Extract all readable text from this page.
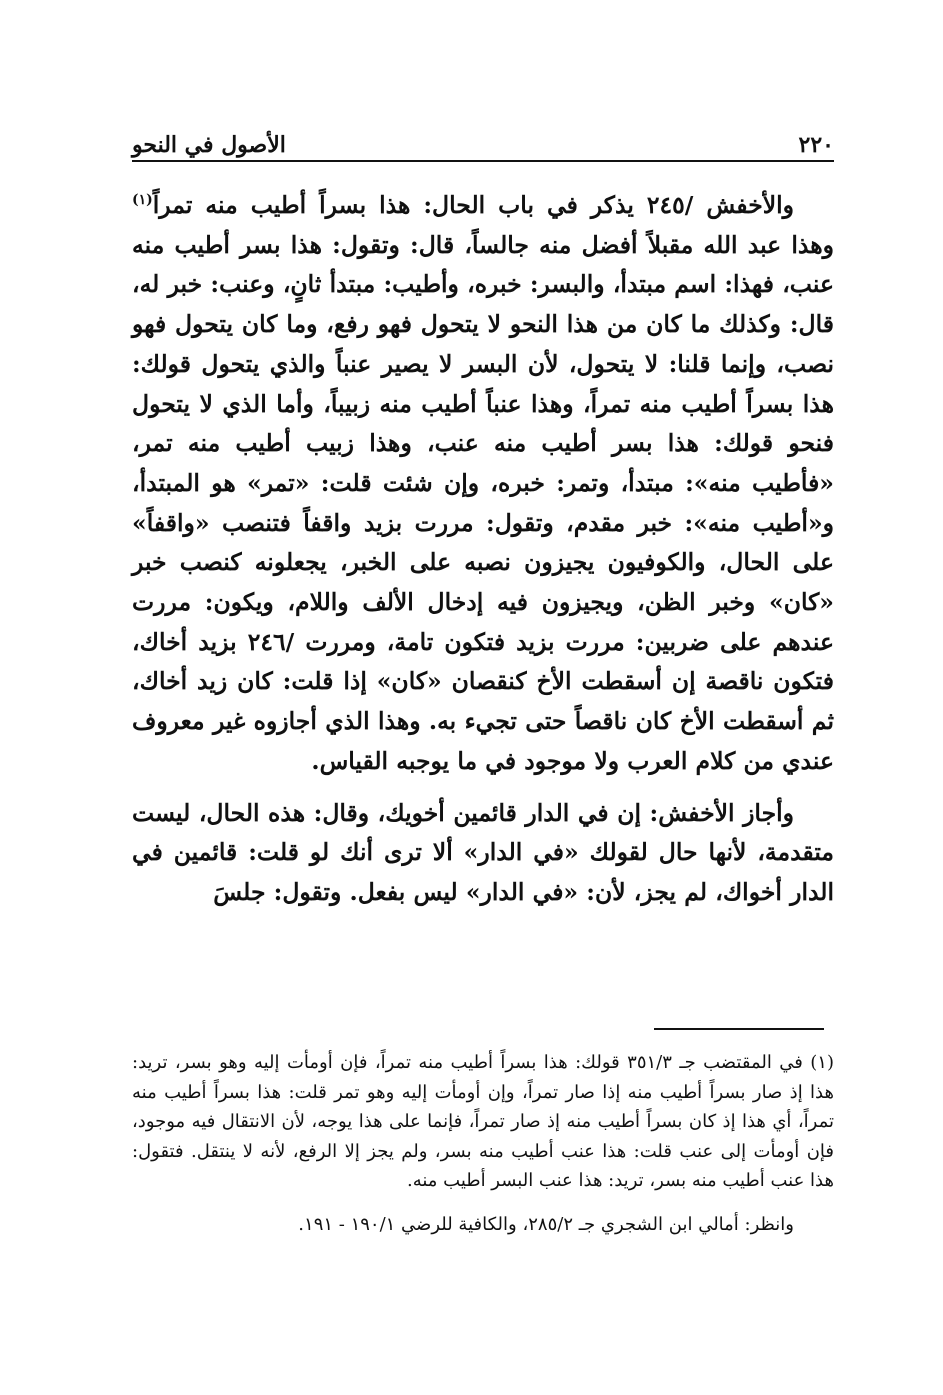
٢٢٠
الأصول في النحو

والأخفش /٢٤٥ يذكر في باب الحال: هذا بسراً أطيب منه تمراً$^{(١)}$ وهذا عبد الله مقبلاً أفضل منه جالساً، قال: وتقول: هذا بسر أطيب منه عنب، فهذا: اسم مبتدأ، والبسر: خبره، وأطيب: مبتدأ ثانٍ، وعنب: خبر له، قال: وكذلك ما كان من هذا النحو لا يتحول فهو رفع، وما كان يتحول فهو نصب، وإنما قلنا: لا يتحول، لأن البسر لا يصير عنباً والذي يتحول قولك: هذا بسراً أطيب منه تمراً، وهذا عنباً أطيب منه زبيباً، وأما الذي لا يتحول فنحو قولك: هذا بسر أطيب منه عنب، وهذا زبيب أطيب منه تمر، «فأطيب منه»: مبتدأ، وتمر: خبره، وإن شئت قلت: «تمر» هو المبتدأ، و«أطيب منه»: خبر مقدم، وتقول: مررت بزيد واقفاً فتنصب «واقفاً» على الحال، والكوفيون يجيزون نصبه على الخبر، يجعلونه كنصب خبر «كان» وخبر الظن، ويجيزون فيه إدخال الألف واللام، ويكون: مررت عندهم على ضربين: مررت بزيد فتكون تامة، ومررت /٢٤٦ بزيد أخاك، فتكون ناقصة إن أسقطت الأخ كنقصان «كان» إذا قلت: كان زيد أخاك، ثم أسقطت الأخ كان ناقصاً حتى تجيء به. وهذا الذي أجازوه غير معروف عندي من كلام العرب ولا موجود في ما يوجبه القياس.

وأجاز الأخفش: إن في الدار قائمين أخويك، وقال: هذه الحال، ليست متقدمة، لأنها حال لقولك «في الدار» ألا ترى أنك لو قلت: قائمين في الدار أخواك، لم يجز، لأن: «في الدار» ليس بفعل. وتقول: جلسَ

(١) في المقتضب جـ ٣٥١/٣ قولك: هذا بسراً أطيب منه تمراً، فإن أومأت إليه وهو بسر، تريد: هذا إذ صار بسراً أطيب منه إذا صار تمراً، وإن أومأت إليه وهو تمر قلت: هذا بسراً أطيب منه تمراً، أي هذا إذ كان بسراً أطيب منه إذ صار تمراً، فإنما على هذا يوجه، لأن الانتقال فيه موجود، فإن أومأت إلى عنب قلت: هذا عنب أطيب منه بسر، ولم يجز إلا الرفع، لأنه لا ينتقل. فتقول: هذا عنب أطيب منه بسر، تريد: هذا عنب البسر أطيب منه.

وانظر: أمالي ابن الشجري جـ ٢٨٥/٢، والكافية للرضي ١٩٠/١ - ١٩١.
